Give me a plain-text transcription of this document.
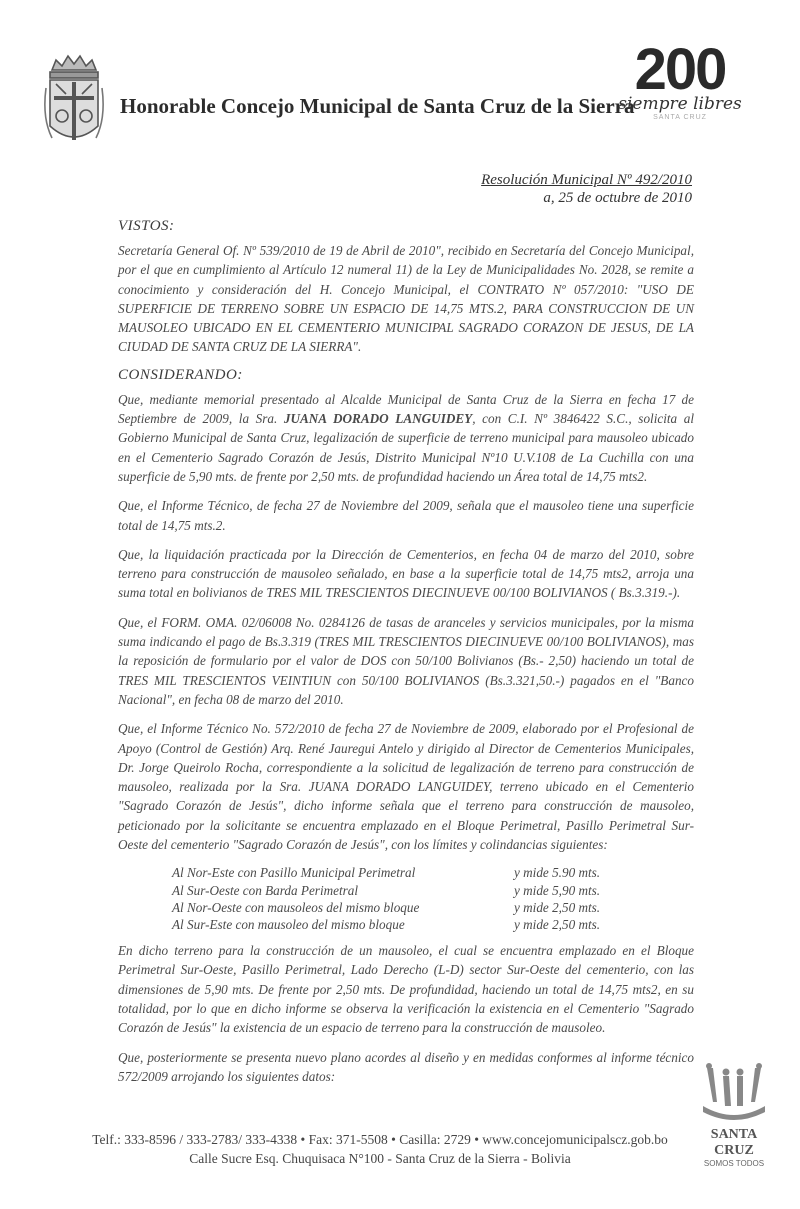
Honorable Concejo Municipal de Santa Cruz de la Sierra
200
siempre libres
SANTA CRUZ
Resolución Municipal Nº 492/2010
a, 25 de octubre de 2010
VISTOS:

Secretaría General Of. Nº 539/2010 de 19 de Abril de 2010", recibido en Secretaría del Concejo Municipal, por el que en cumplimiento al Artículo 12 numeral 11) de la Ley de Municipalidades No. 2028, se remite a conocimiento y consideración del H. Concejo Municipal, el CONTRATO Nº 057/2010: "USO DE SUPERFICIE DE TERRENO SOBRE UN ESPACIO DE 14,75 MTS.2, PARA CONSTRUCCION DE UN MAUSOLEO UBICADO EN EL CEMENTERIO MUNICIPAL SAGRADO CORAZON DE JESUS, DE LA CIUDAD DE SANTA CRUZ DE LA SIERRA".

CONSIDERANDO:

Que, mediante memorial presentado al Alcalde Municipal de Santa Cruz de la Sierra en fecha 17 de Septiembre de 2009, la Sra. JUANA DORADO LANGUIDEY, con C.I. Nº 3846422 S.C., solicita al Gobierno Municipal de Santa Cruz, legalización de superficie de terreno municipal para mausoleo ubicado en el Cementerio Sagrado Corazón de Jesús, Distrito Municipal Nº10 U.V.108 de La Cuchilla con una superficie de 5,90 mts. de frente por 2,50 mts. de profundidad haciendo un Área total de 14,75 mts2.

Que, el Informe Técnico, de fecha 27 de Noviembre del 2009, señala que el mausoleo tiene una superficie total de 14,75 mts.2.

Que, la liquidación practicada por la Dirección de Cementerios, en fecha 04 de marzo del 2010, sobre terreno para construcción de mausoleo señalado, en base a la superficie total de 14,75 mts2, arroja una suma total en bolivianos de TRES MIL TRESCIENTOS DIECINUEVE 00/100 BOLIVIANOS ( Bs.3.319.-).

Que, el FORM. OMA. 02/06008 No. 0284126 de tasas de aranceles y servicios municipales, por la misma suma indicando el pago de Bs.3.319 (TRES MIL TRESCIENTOS DIECINUEVE 00/100 BOLIVIANOS), mas la reposición de formulario por el valor de DOS con 50/100 Bolivianos (Bs.- 2,50) haciendo un total de TRES MIL TRESCIENTOS VEINTIUN con 50/100 BOLIVIANOS (Bs.3.321,50.-) pagados en el "Banco Nacional", en fecha 08 de marzo del 2010.

Que, el Informe Técnico No. 572/2010 de fecha 27 de Noviembre de 2009, elaborado por el Profesional de Apoyo (Control de Gestión) Arq. René Jauregui Antelo y dirigido al Director de Cementerios Municipales, Dr. Jorge Queirolo Rocha, correspondiente a la solicitud de legalización de terreno para construcción de mausoleo, realizada por la Sra. JUANA DORADO LANGUIDEY, terreno ubicado en el Cementerio "Sagrado Corazón de Jesús", dicho informe señala que el terreno para construcción de mausoleo, peticionado por la solicitante se encuentra emplazado en el Bloque Perimetral, Pasillo Perimetral Sur-Oeste del cementerio "Sagrado Corazón de Jesús", con los límites y colindancias siguientes:

Al Nor-Este con Pasillo Municipal Perimetral	y mide 5.90 mts.
Al Sur-Oeste con Barda Perimetral	y mide 5,90 mts.
Al Nor-Oeste con mausoleos del mismo bloque	y mide 2,50 mts.
Al Sur-Este con mausoleo del mismo bloque	y mide 2,50 mts.

En dicho terreno para la construcción de un mausoleo, el cual se encuentra emplazado en el Bloque Perimetral Sur-Oeste, Pasillo Perimetral, Lado Derecho (L-D) sector Sur-Oeste del cementerio, con las dimensiones de 5,90 mts. De frente por 2,50 mts. De profundidad, haciendo un total de 14,75 mts2, en su totalidad, por lo que en dicho informe se observa la verificación la existencia en el Cementerio "Sagrado Corazón de Jesús" la existencia de un espacio de terreno para la construcción de mausoleo.

Que, posteriormente se presenta nuevo plano acordes al diseño y en medidas conformes al informe técnico 572/2009 arrojando los siguientes datos:

SANTA CRUZ
SOMOS TODOS
Telf.: 333-8596 / 333-2783/ 333-4338 • Fax: 371-5508 • Casilla: 2729 • www.concejomunicipalscz.gob.bo
Calle Sucre Esq. Chuquisaca N°100 - Santa Cruz de la Sierra - Bolivia
